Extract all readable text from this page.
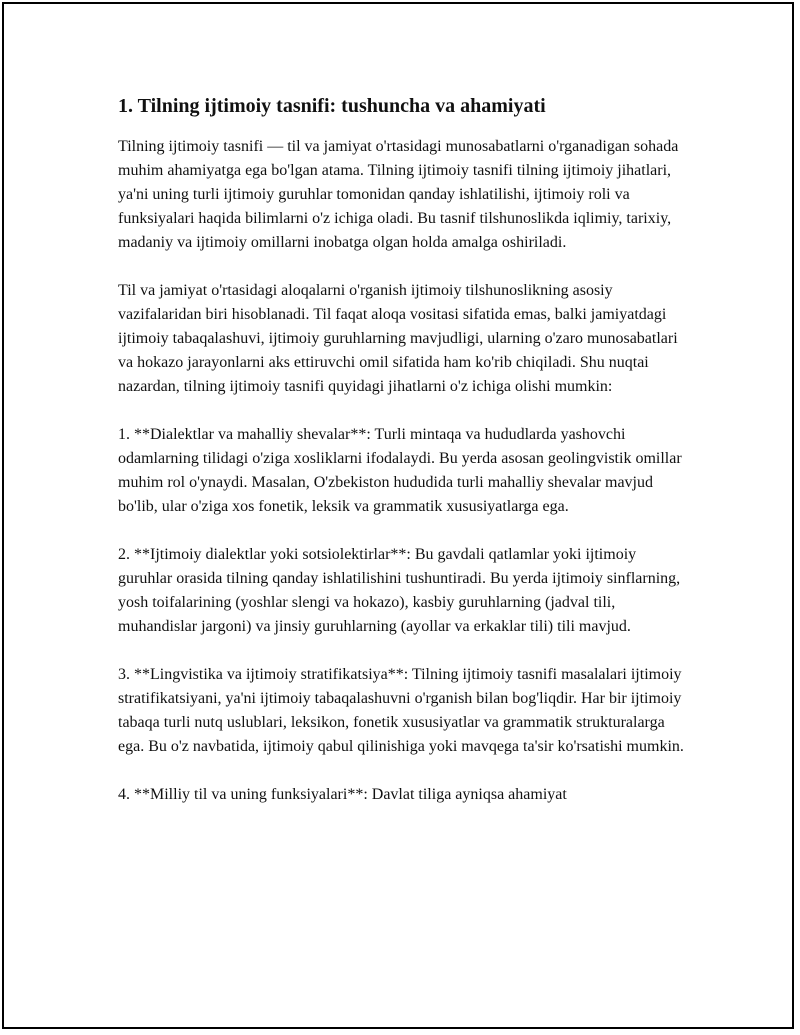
1. Tilning ijtimoiy tasnifi: tushuncha va ahamiyati

Tilning ijtimoiy tasnifi — til va jamiyat o'rtasidagi munosabatlarni o'rganadigan sohada muhim ahamiyatga ega bo'lgan atama. Tilning ijtimoiy tasnifi tilning ijtimoiy jihatlari, ya'ni uning turli ijtimoiy guruhlar tomonidan qanday ishlatilishi, ijtimoiy roli va funksiyalari haqida bilimlarni o'z ichiga oladi. Bu tasnif tilshunoslikda iqlimiy, tarixiy, madaniy va ijtimoiy omillarni inobatga olgan holda amalga oshiriladi.

Til va jamiyat o'rtasidagi aloqalarni o'rganish ijtimoiy tilshunoslikning asosiy vazifalaridan biri hisoblanadi. Til faqat aloqa vositasi sifatida emas, balki jamiyatdagi ijtimoiy tabaqalashuvi, ijtimoiy guruhlarning mavjudligi, ularning o'zaro munosabatlari va hokazo jarayonlarni aks ettiruvchi omil sifatida ham ko'rib chiqiladi. Shu nuqtai nazardan, tilning ijtimoiy tasnifi quyidagi jihatlarni o'z ichiga olishi mumkin:

1. **Dialektlar va mahalliy shevalar**: Turli mintaqa va hududlarda yashovchi odamlarning tilidagi o'ziga xosliklarni ifodalaydi. Bu yerda asosan geolingvistik omillar muhim rol o'ynaydi. Masalan, O'zbekiston hududida turli mahalliy shevalar mavjud bo'lib, ular o'ziga xos fonetik, leksik va grammatik xususiyatlarga ega.

2. **Ijtimoiy dialektlar yoki sotsiolektirlar**: Bu gavdali qatlamlar yoki ijtimoiy guruhlar orasida tilning qanday ishlatilishini tushuntiradi. Bu yerda ijtimoiy sinflarning, yosh toifalarining (yoshlar slengi va hokazo), kasbiy guruhlarning (jadval tili, muhandislar jargoni) va jinsiy guruhlarning (ayollar va erkaklar tili) tili mavjud.

3. **Lingvistika va ijtimoiy stratifikatsiya**: Tilning ijtimoiy tasnifi masalalari ijtimoiy stratifikatsiyani, ya'ni ijtimoiy tabaqalashuvni o'rganish bilan bog'liqdir. Har bir ijtimoiy tabaqa turli nutq uslublari, leksikon, fonetik xususiyatlar va grammatik strukturalarga ega. Bu o'z navbatida, ijtimoiy qabul qilinishiga yoki mavqega ta'sir ko'rsatishi mumkin.

4. **Milliy til va uning funksiyalari**: Davlat tiliga ayniqsa ahamiyat
